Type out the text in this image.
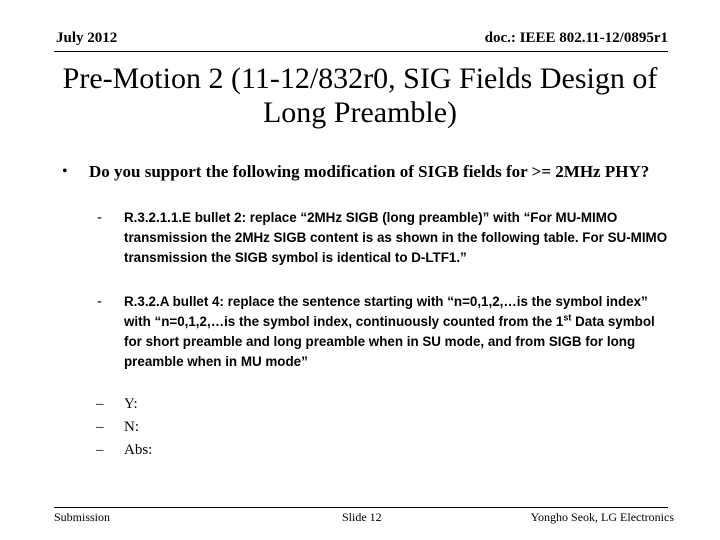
July 2012	doc.: IEEE 802.11-12/0895r1
Pre-Motion 2 (11-12/832r0, SIG Fields Design of Long Preamble)
• Do you support the following modification of SIGB fields for >= 2MHz PHY?
- R.3.2.1.1.E bullet 2: replace “2MHz SIGB (long preamble)” with “For MU-MIMO transmission the 2MHz SIGB content is as shown in the following table. For SU-MIMO transmission the SIGB symbol is identical to D-LTF1.”
- R.3.2.A bullet 4: replace the sentence starting with “n=0,1,2,…is the symbol index” with “n=0,1,2,…is the symbol index, continuously counted from the 1st Data symbol for short preamble and long preamble when in SU mode, and from SIGB for long preamble when in MU mode”
– Y:
– N:
– Abs:
Submission	Slide 12	Yongho Seok, LG Electronics
